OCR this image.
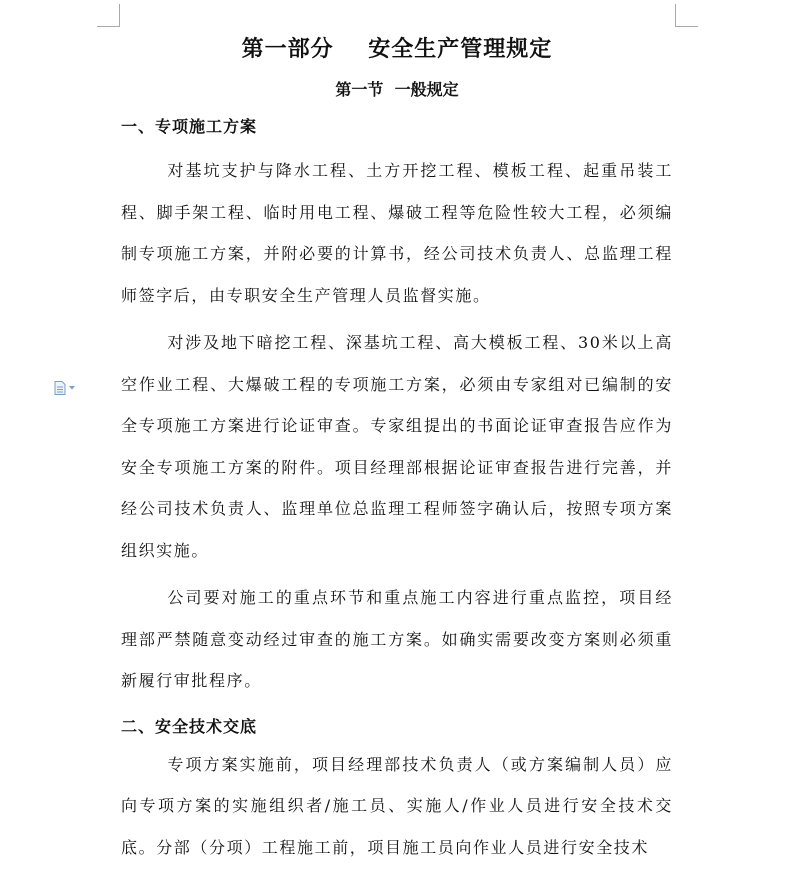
第一部分    安全生产管理规定
第一节  一般规定
一、专项施工方案

对基坑支护与降水工程、土方开挖工程、模板工程、起重吊装工程、脚手架工程、临时用电工程、爆破工程等危险性较大工程，必须编制专项施工方案，并附必要的计算书，经公司技术负责人、总监理工程师签字后，由专职安全生产管理人员监督实施。

对涉及地下暗挖工程、深基坑工程、高大模板工程、30米以上高空作业工程、大爆破工程的专项施工方案，必须由专家组对已编制的安全专项施工方案进行论证审查。专家组提出的书面论证审查报告应作为安全专项施工方案的附件。项目经理部根据论证审查报告进行完善，并经公司技术负责人、监理单位总监理工程师签字确认后，按照专项方案组织实施。

公司要对施工的重点环节和重点施工内容进行重点监控，项目经理部严禁随意变动经过审查的施工方案。如确实需要改变方案则必须重新履行审批程序。

二、安全技术交底

专项方案实施前，项目经理部技术负责人（或方案编制人员）应向专项方案的实施组织者/施工员、实施人/作业人员进行安全技术交底。分部（分项）工程施工前，项目施工员向作业人员进行安全技术
